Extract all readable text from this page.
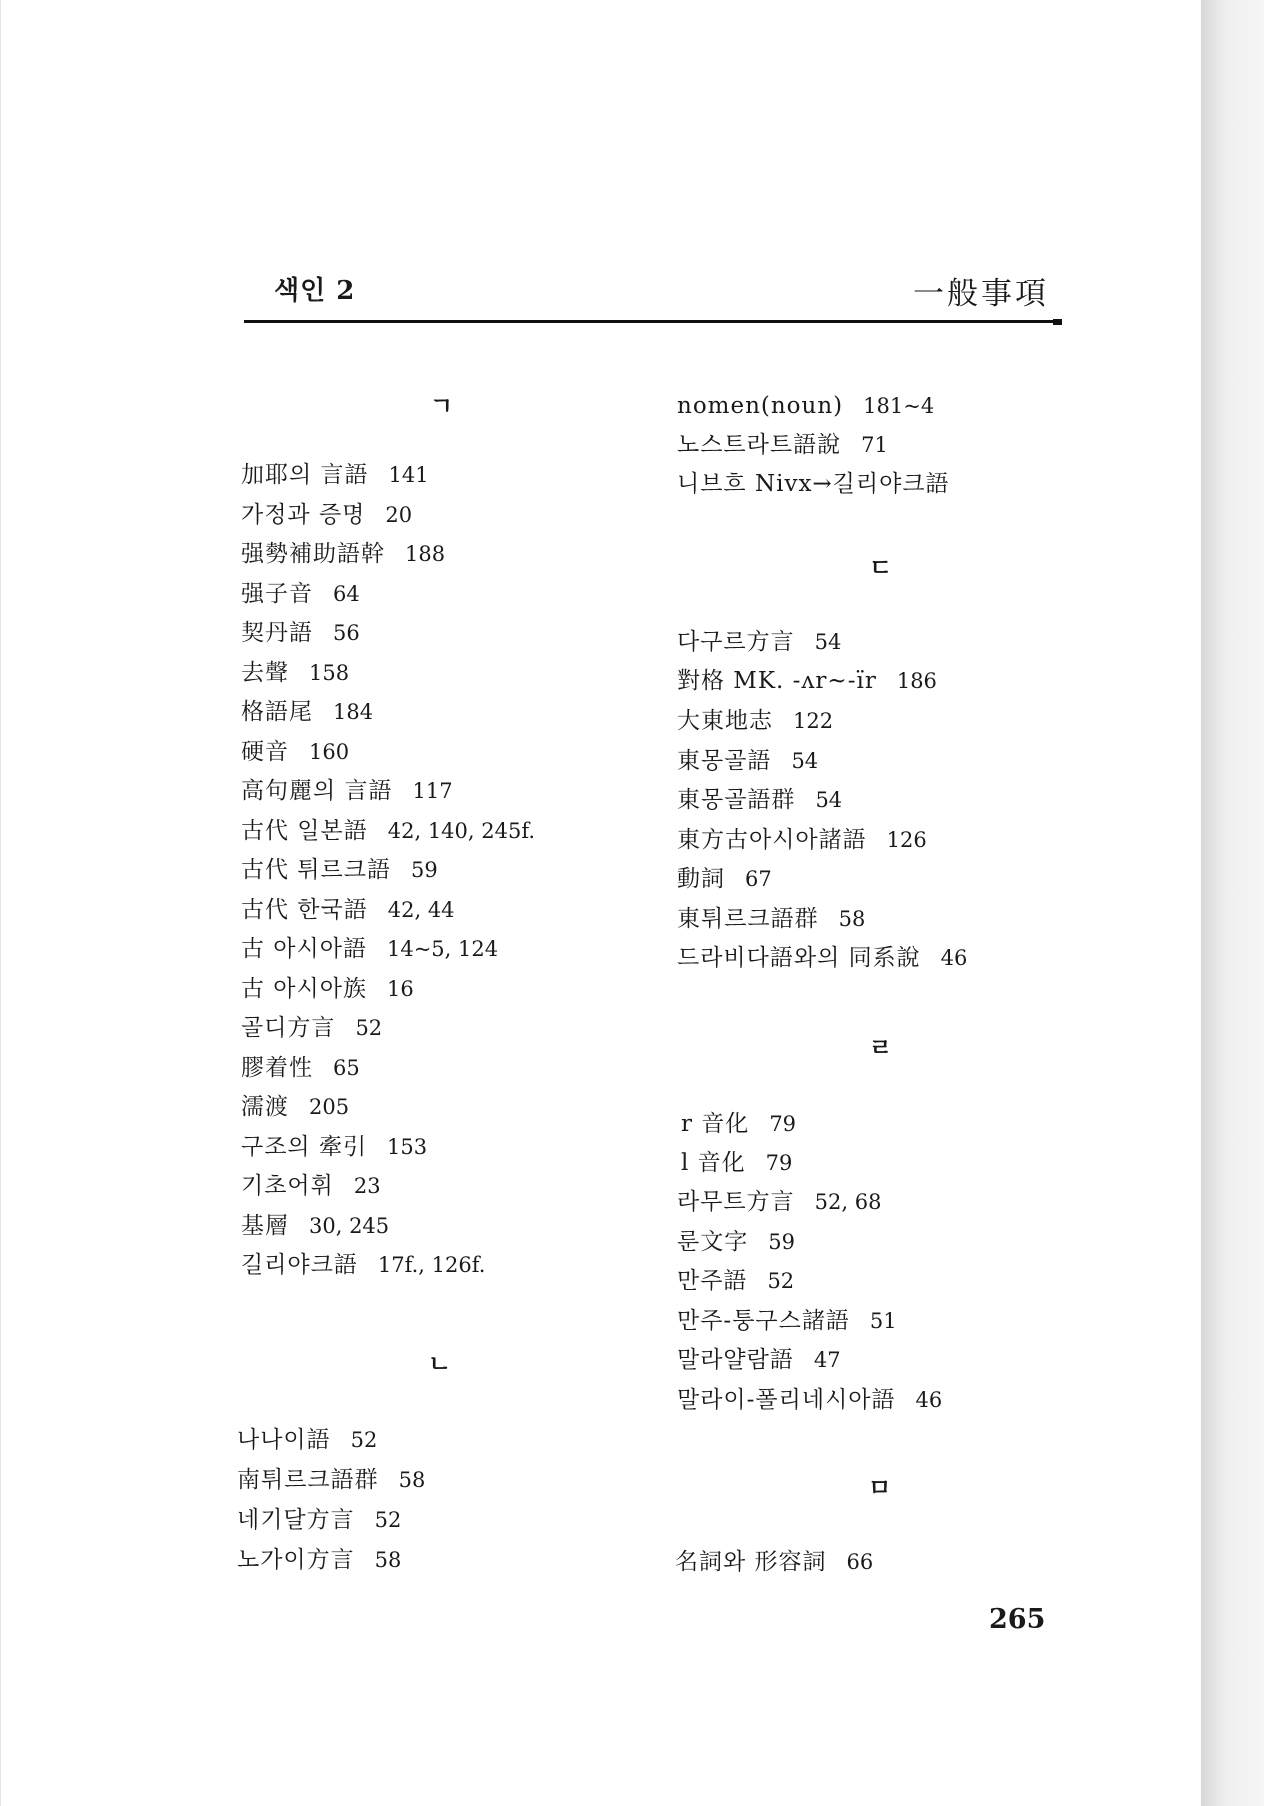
색인 2	一般事項
ㄱ
加耶의 言語 141
가정과 증명 20
强勢補助語幹 188
强子音 64
契丹語 56
去聲 158
格語尾 184
硬音 160
高句麗의 言語 117
古代 일본語 42, 140, 245f.
古代 튀르크語 59
古代 한국語 42, 44
古 아시아語 14~5, 124
古 아시아族 16
골디方言 52
膠着性 65
濡渡 205
구조의 牽引 153
기초어휘 23
基層 30, 245
길리야크語 17f., 126f.
ㄴ
나나이語 52
南튀르크語群 58
네기달方言 52
노가이方言 58
nomen(noun) 181~4
노스트라트語說 71
니브흐 Nivx→길리야크語
ㄷ
다구르方言 54
對格 MK. -ʌr~-ïr 186
大東地志 122
東몽골語 54
東몽골語群 54
東方古아시아諸語 126
動詞 67
東튀르크語群 58
드라비다語와의 同系說 46
ㄹ
r 音化 79
l 音化 79
라무트方言 52, 68
룬文字 59
만주語 52
만주-퉁구스諸語 51
말라얄람語 47
말라이-폴리네시아語 46
ㅁ
名詞와 形容詞 66
265
